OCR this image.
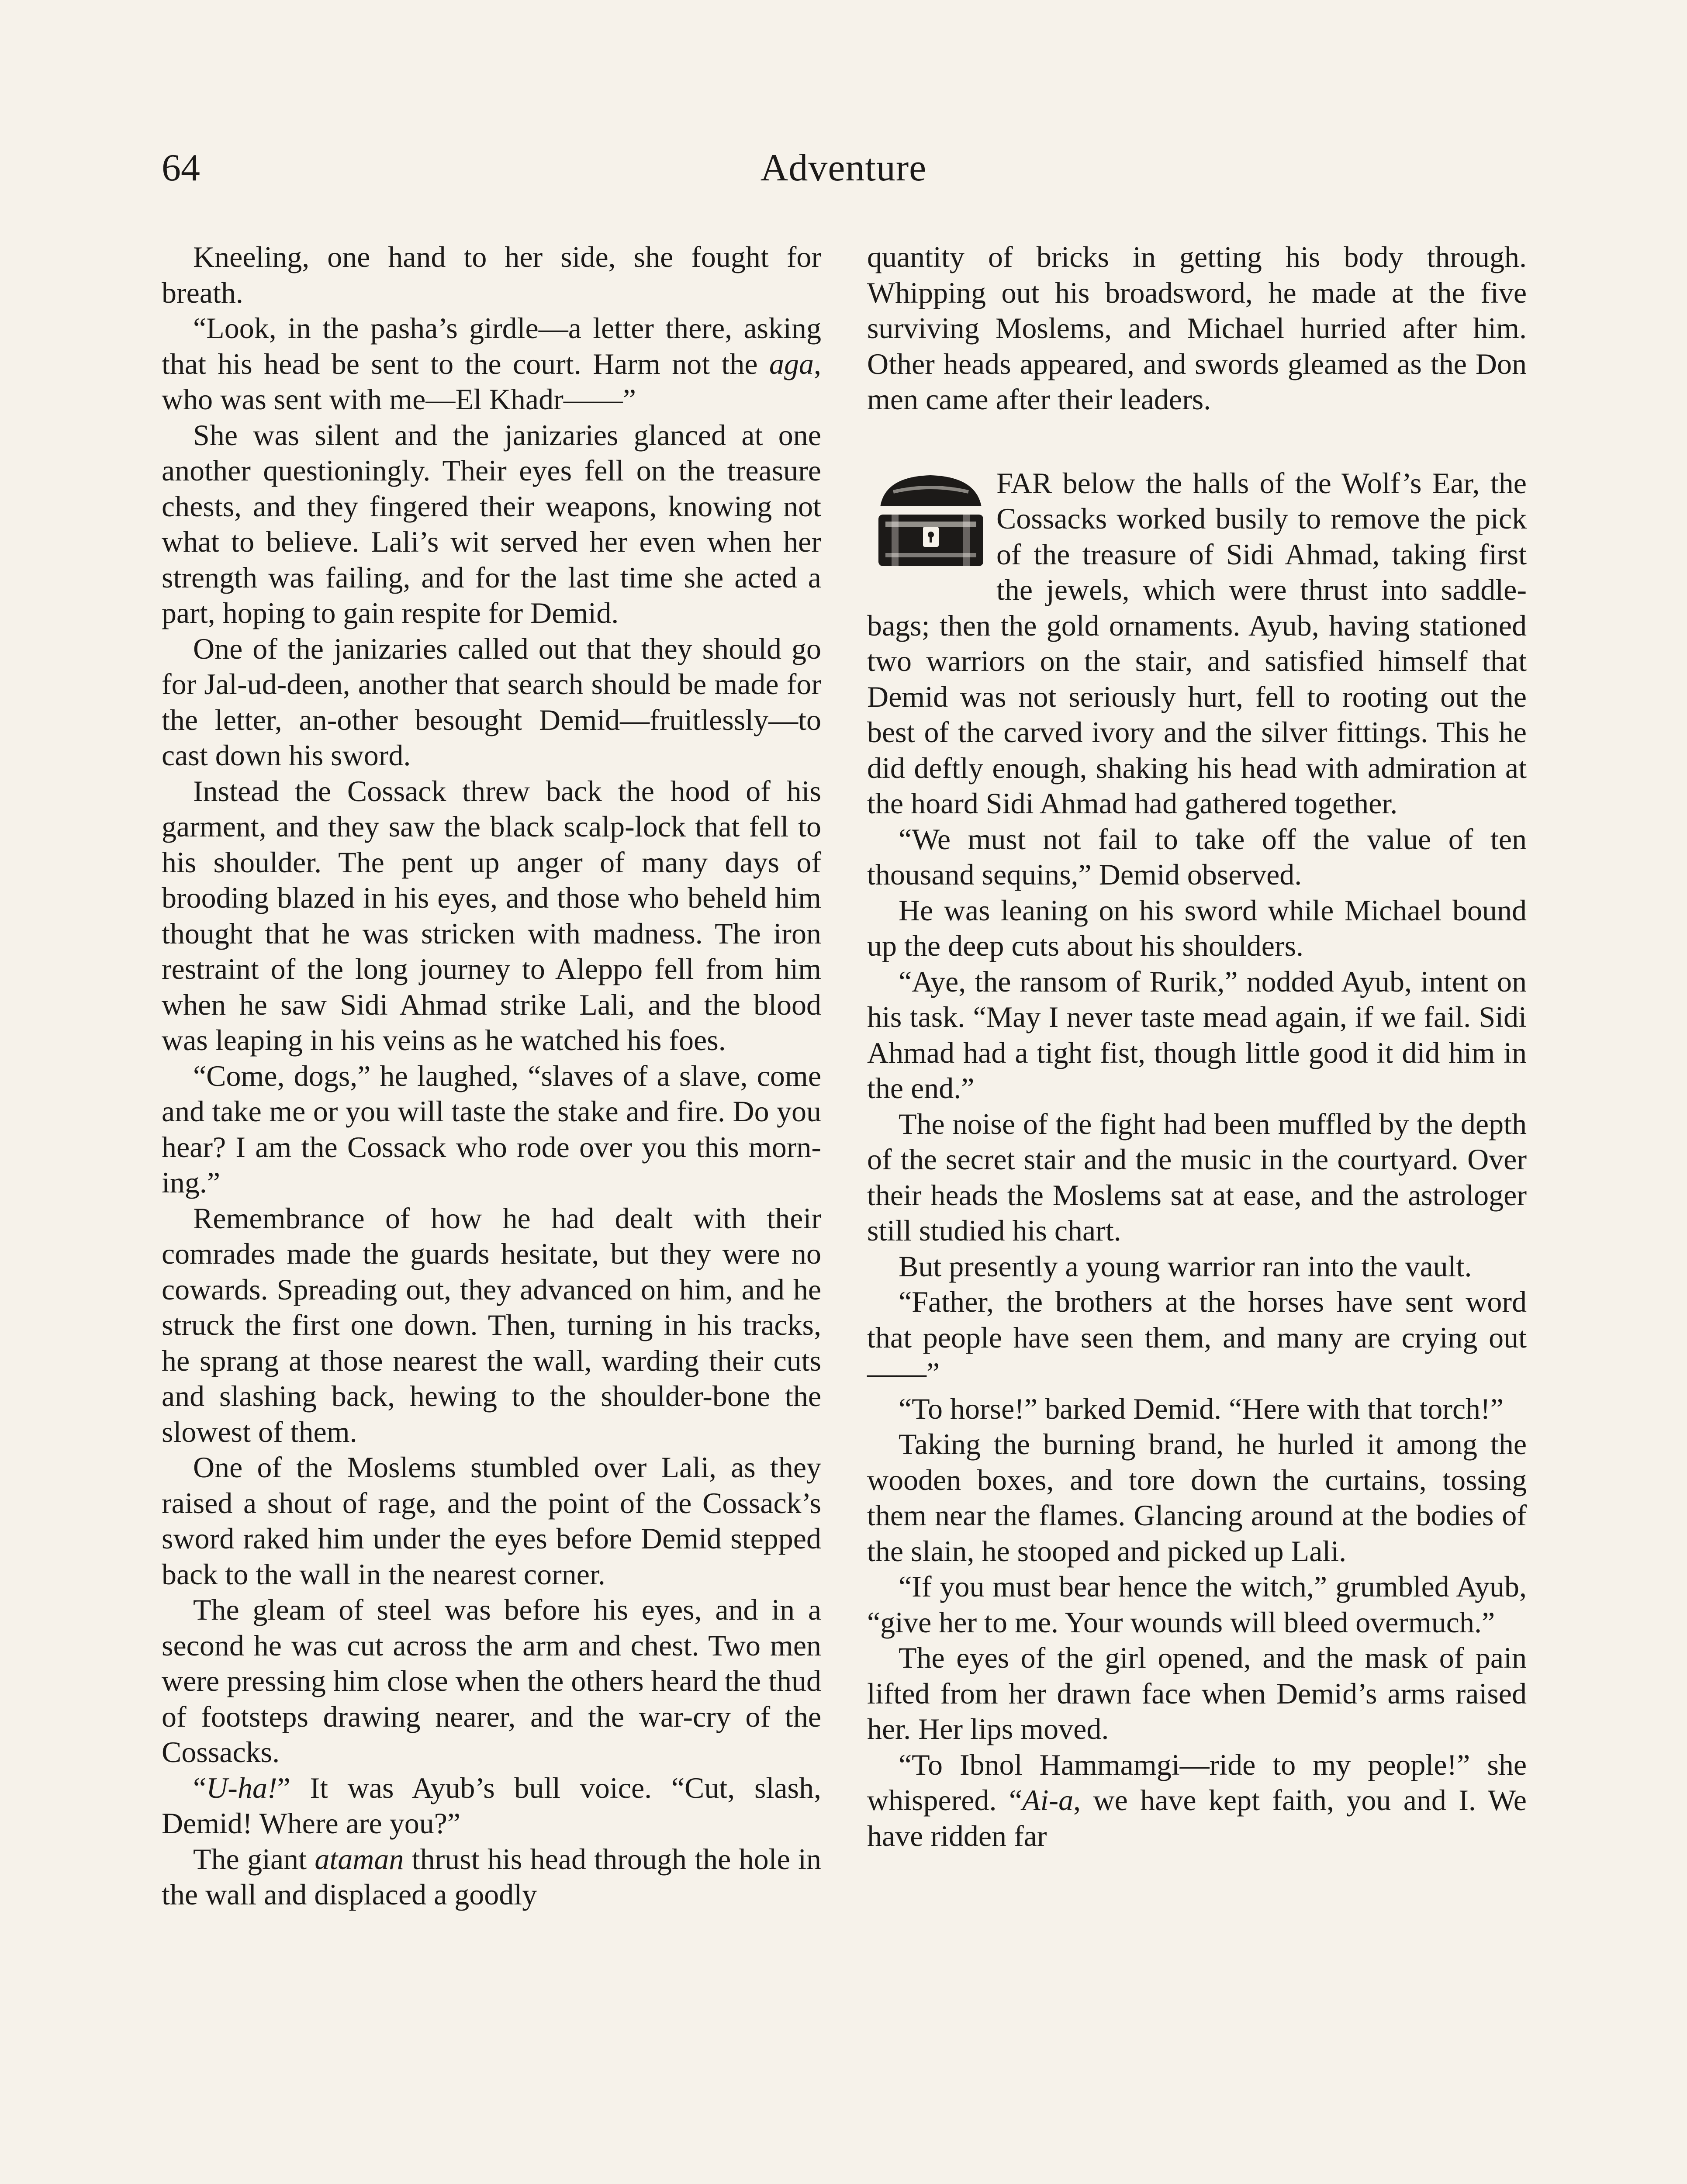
64	Adventure

Kneeling, one hand to her side, she fought for breath.

“Look, in the pasha’s girdle—a letter there, asking that his head be sent to the court. Harm not the aga, who was sent with me—El Khadr——”

She was silent and the janizaries glanced at one another questioningly. Their eyes fell on the treasure chests, and they fingered their weapons, knowing not what to believe. Lali’s wit served her even when her strength was failing, and for the last time she acted a part, hoping to gain respite for Demid.

One of the janizaries called out that they should go for Jal-ud-deen, another that search should be made for the letter, an-other besought Demid—fruitlessly—to cast down his sword.

Instead the Cossack threw back the hood of his garment, and they saw the black scalp-lock that fell to his shoulder. The pent up anger of many days of brooding blazed in his eyes, and those who beheld him thought that he was stricken with madness. The iron restraint of the long journey to Aleppo fell from him when he saw Sidi Ahmad strike Lali, and the blood was leaping in his veins as he watched his foes.

“Come, dogs,” he laughed, “slaves of a slave, come and take me or you will taste the stake and fire. Do you hear? I am the Cossack who rode over you this morn-ing.”

Remembrance of how he had dealt with their comrades made the guards hesitate, but they were no cowards. Spreading out, they advanced on him, and he struck the first one down. Then, turning in his tracks, he sprang at those nearest the wall, warding their cuts and slashing back, hewing to the shoulder-bone the slowest of them.

One of the Moslems stumbled over Lali, as they raised a shout of rage, and the point of the Cossack’s sword raked him under the eyes before Demid stepped back to the wall in the nearest corner.

The gleam of steel was before his eyes, and in a second he was cut across the arm and chest. Two men were pressing him close when the others heard the thud of footsteps drawing nearer, and the war-cry of the Cossacks.

“U-ha!” It was Ayub’s bull voice. “Cut, slash, Demid! Where are you?”

The giant ataman thrust his head through the hole in the wall and displaced a goodly

quantity of bricks in getting his body through. Whipping out his broadsword, he made at the five surviving Moslems, and Michael hurried after him. Other heads appeared, and swords gleamed as the Don men came after their leaders.

FAR below the halls of the Wolf’s Ear, the Cossacks worked busily to remove the pick of the treasure of Sidi Ahmad, taking first the jewels, which were thrust into saddle-bags; then the gold ornaments. Ayub, having stationed two warriors on the stair, and satisfied himself that Demid was not seriously hurt, fell to rooting out the best of the carved ivory and the silver fittings. This he did deftly enough, shaking his head with admiration at the hoard Sidi Ahmad had gathered together.

“We must not fail to take off the value of ten thousand sequins,” Demid observed.

He was leaning on his sword while Michael bound up the deep cuts about his shoulders.

“Aye, the ransom of Rurik,” nodded Ayub, intent on his task. “May I never taste mead again, if we fail. Sidi Ahmad had a tight fist, though little good it did him in the end.”

The noise of the fight had been muffled by the depth of the secret stair and the music in the courtyard. Over their heads the Moslems sat at ease, and the astrologer still studied his chart.

But presently a young warrior ran into the vault.

“Father, the brothers at the horses have sent word that people have seen them, and many are crying out——”

“To horse!” barked Demid. “Here with that torch!”

Taking the burning brand, he hurled it among the wooden boxes, and tore down the curtains, tossing them near the flames. Glancing around at the bodies of the slain, he stooped and picked up Lali.

“If you must bear hence the witch,” grumbled Ayub, “give her to me. Your wounds will bleed overmuch.”

The eyes of the girl opened, and the mask of pain lifted from her drawn face when Demid’s arms raised her. Her lips moved.

“To Ibnol Hammamgi—ride to my people!” she whispered. “Ai-a, we have kept faith, you and I. We have ridden far
